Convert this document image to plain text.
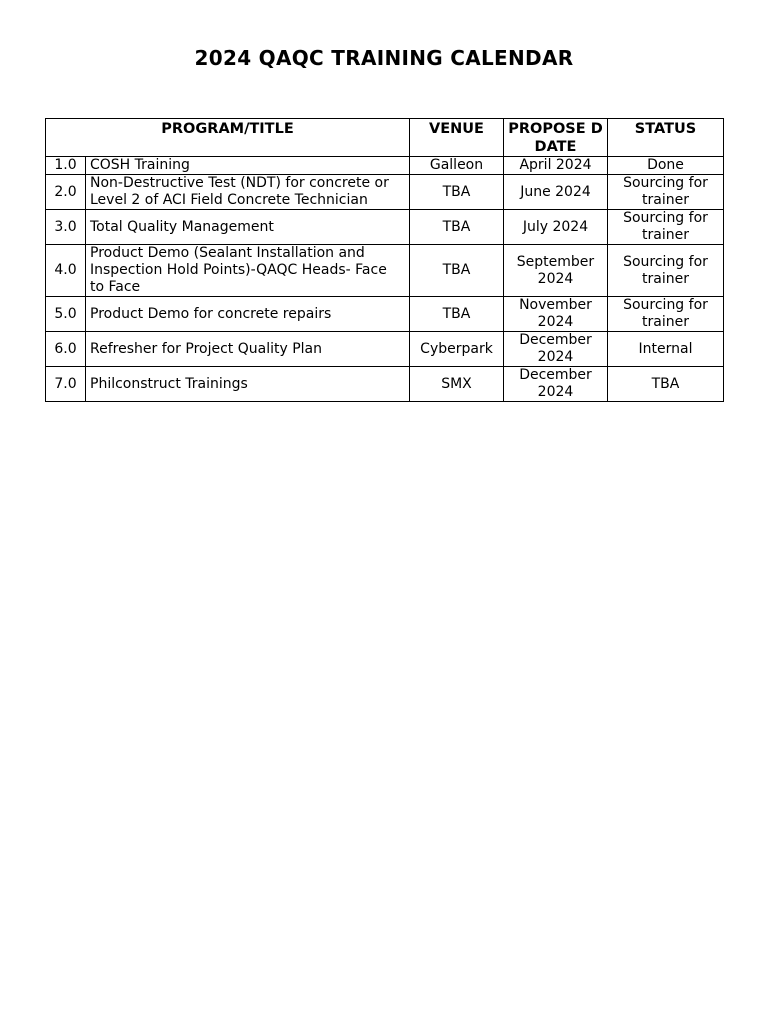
2024 QAQC TRAINING CALENDAR
PROGRAM/TITLE		VENUE	PROPOSE D DATE	STATUS
1.0	COSH Training	Galleon	April 2024	Done
2.0	Non-Destructive Test (NDT) for concrete or Level 2 of ACI Field Concrete Technician	TBA	June 2024	Sourcing for trainer
3.0	Total Quality Management	TBA	July 2024	Sourcing for trainer
4.0	Product Demo (Sealant Installation and Inspection Hold Points)-QAQC Heads- Face to Face	TBA	September 2024	Sourcing for trainer
5.0	Product Demo for concrete repairs	TBA	November 2024	Sourcing for trainer
6.0	Refresher for Project Quality Plan	Cyberpark	December 2024	Internal
7.0	Philconstruct Trainings	SMX	December 2024	TBA
